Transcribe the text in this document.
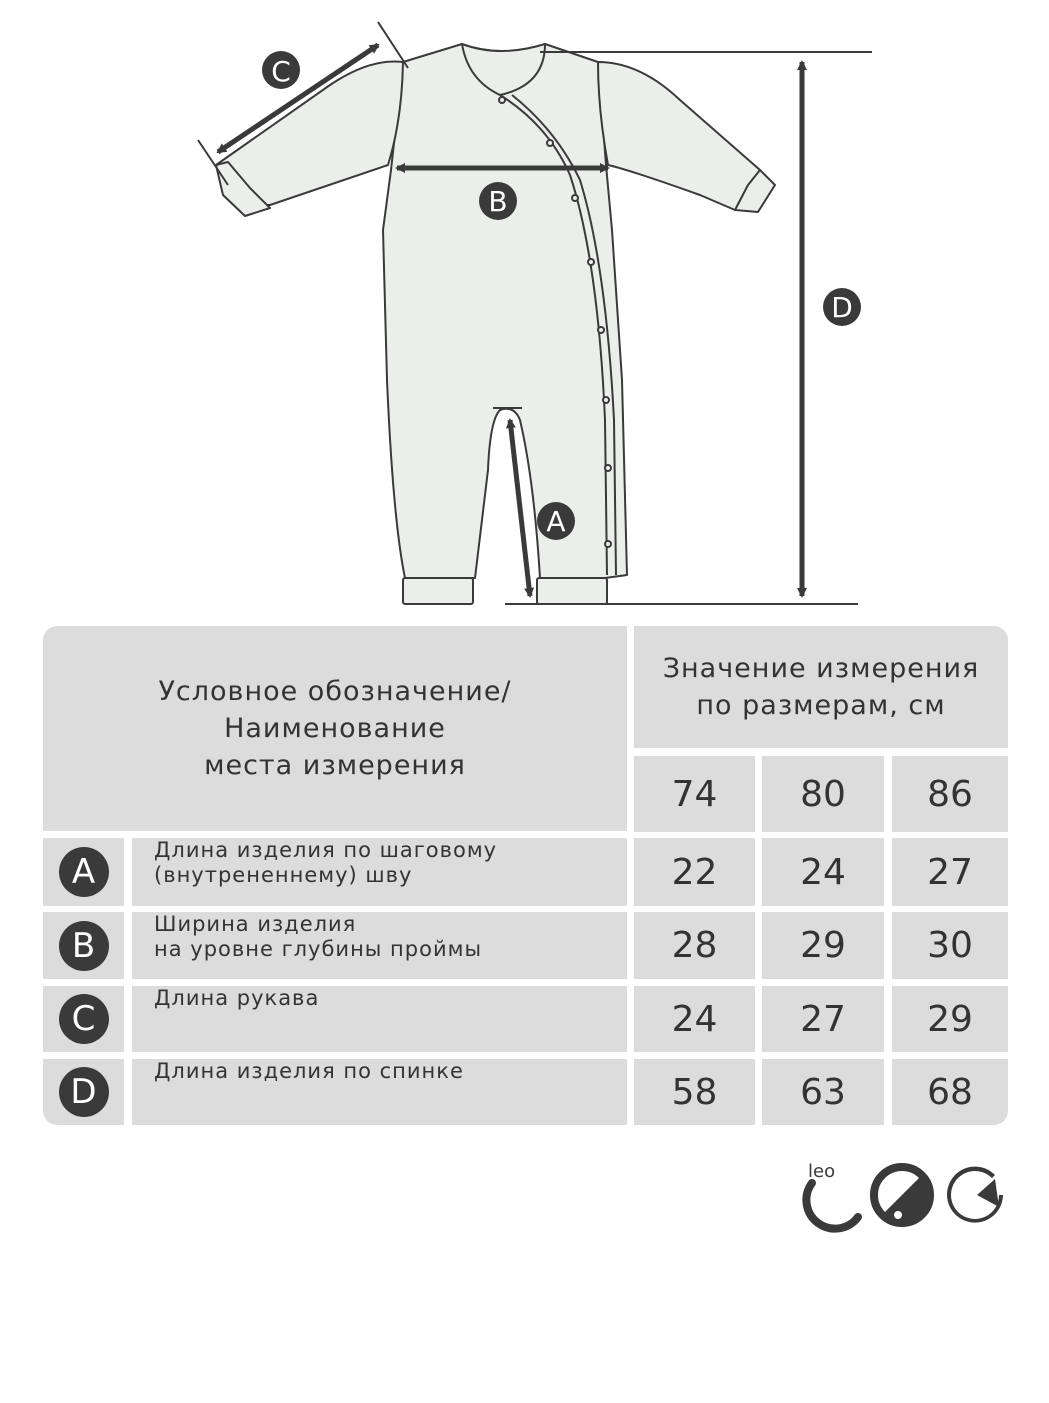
C
B
D
A
Условное обозначение/
Наименование
места измерения
Значение измерения
по размерам, см
74	80	86
A
Длина изделия по шаговому
(внутрененнему) шву	22	24	27
B
Ширина изделия
на уровне глубины проймы	28	29	30
C
Длина рукава
24	27	29
D
Длина изделия по спинке
58	63	68
leo
